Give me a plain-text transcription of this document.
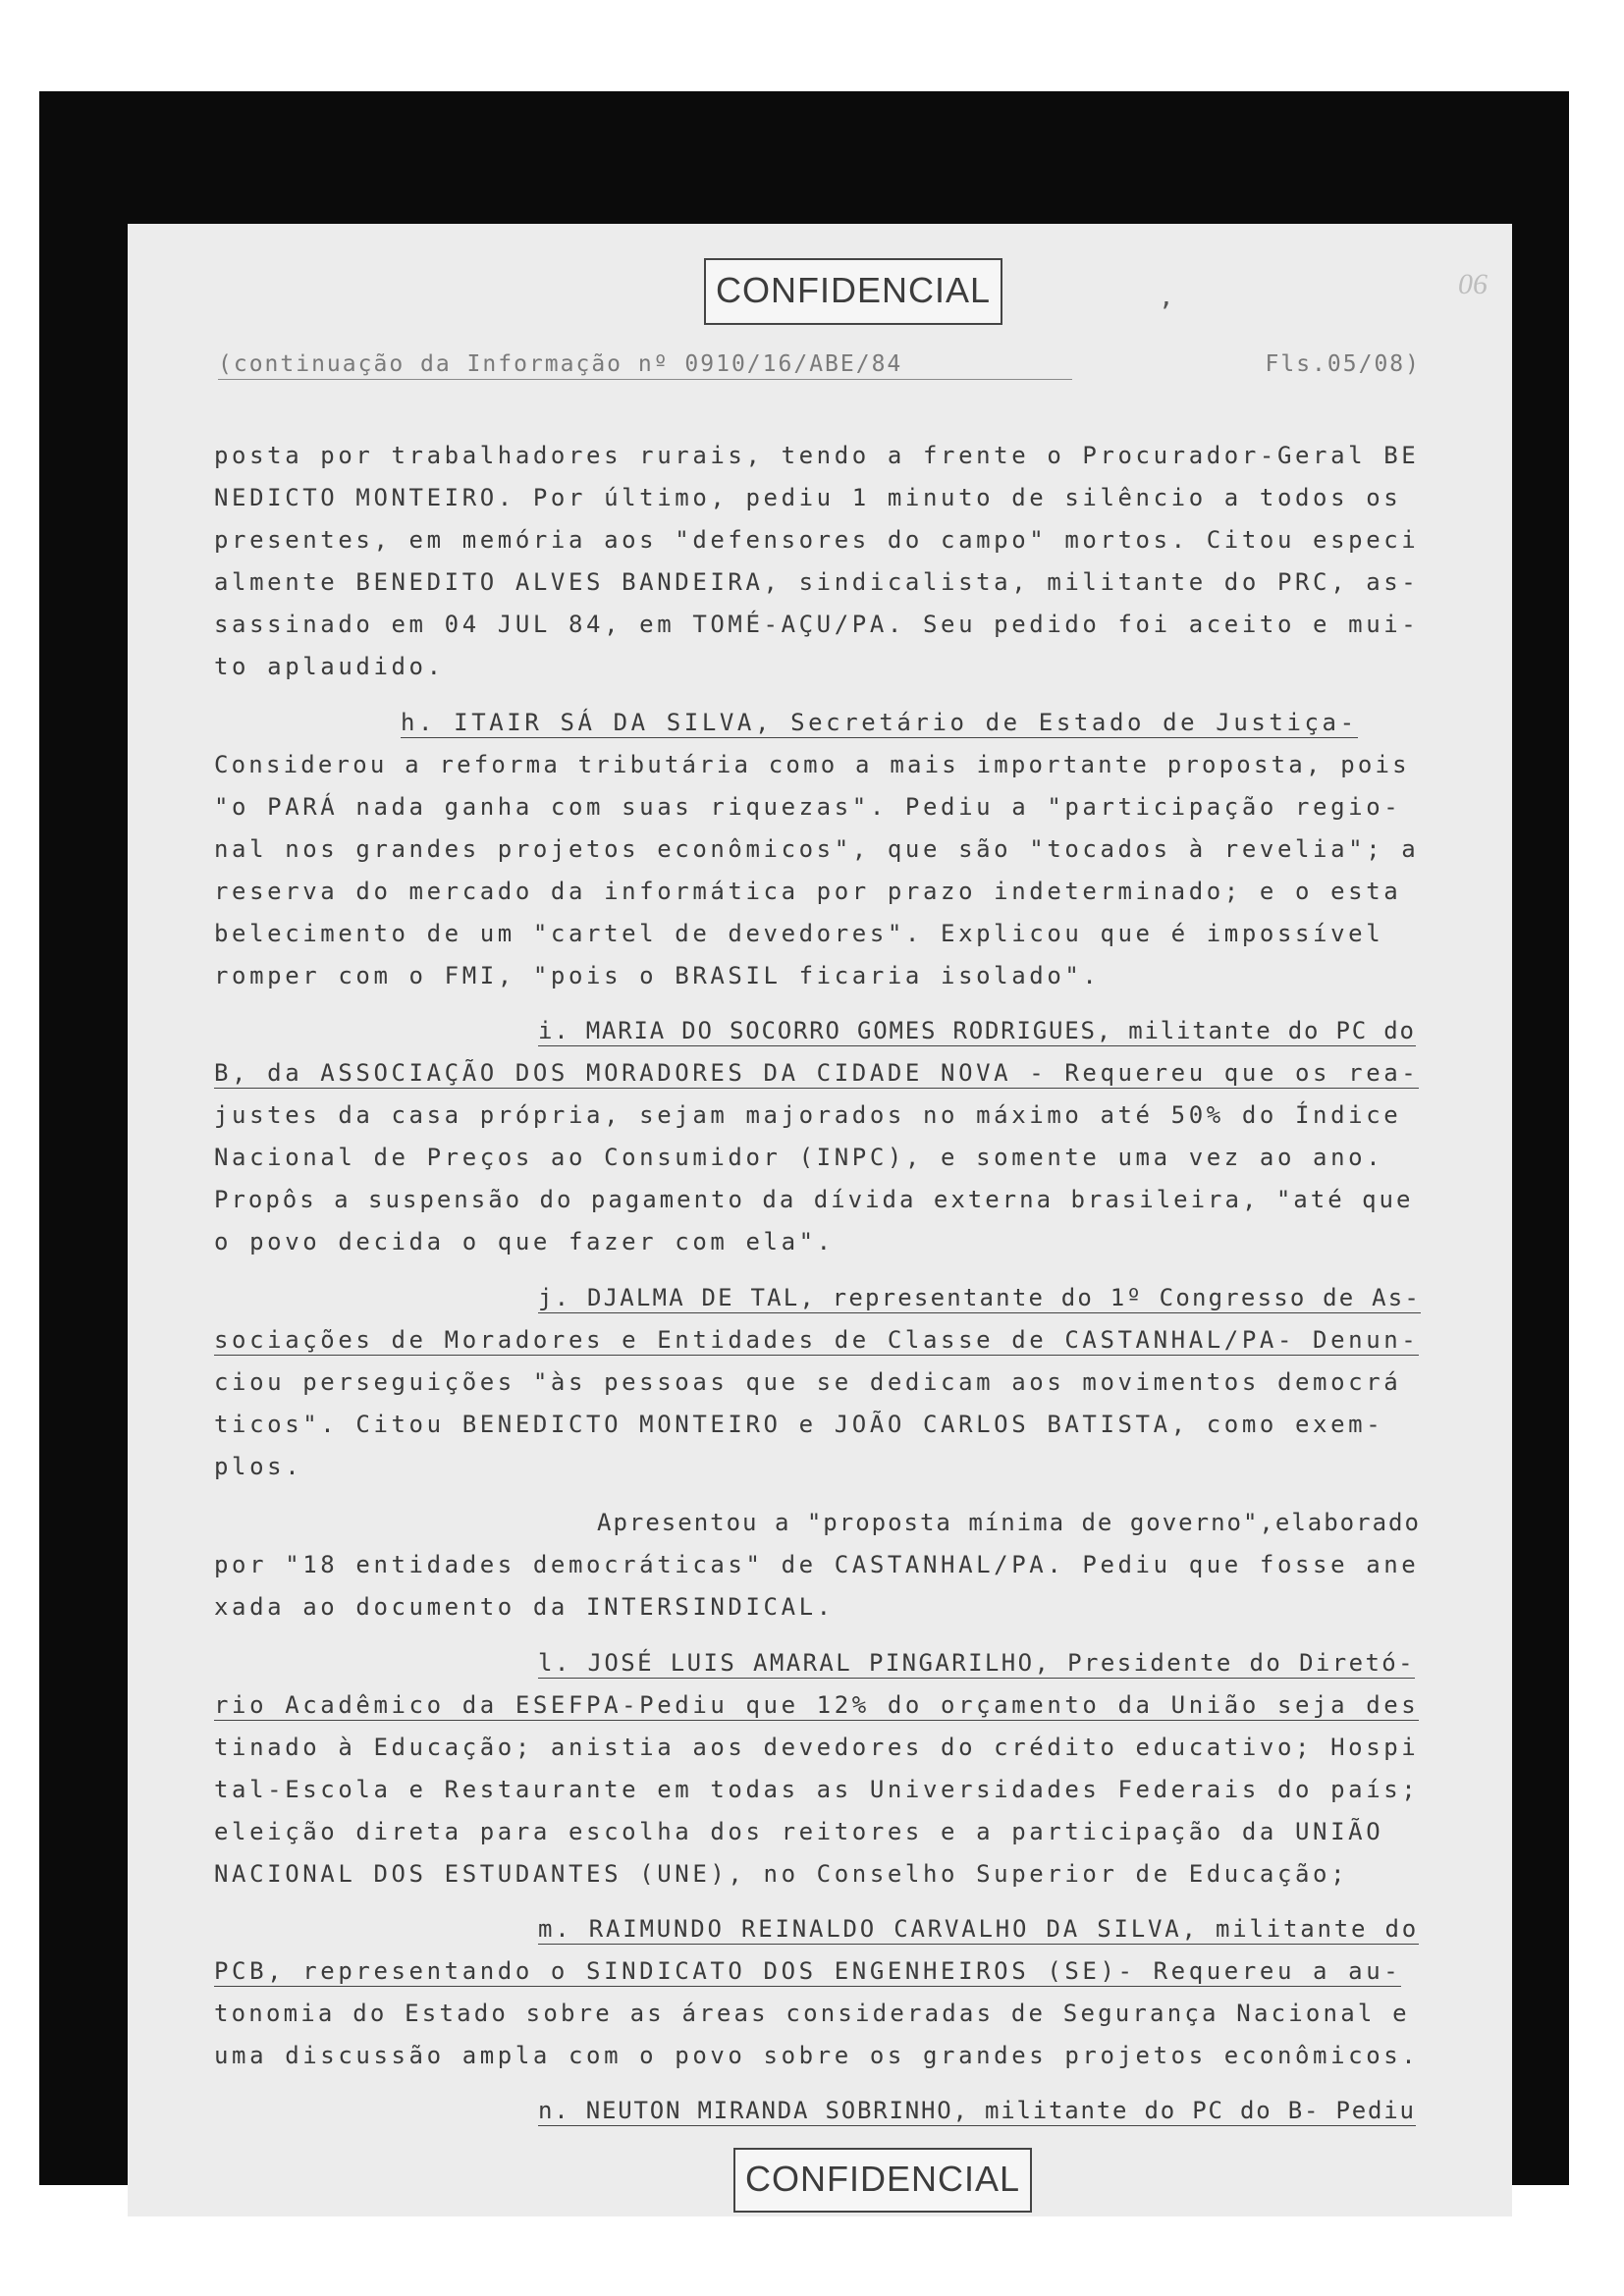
CONFIDENCIAL	,	06
(continuação da Informação nº 0910/16/ABE/84	Fls.05/08)
posta por trabalhadores rurais, tendo a frente o Procurador-Geral BE
NEDICTO MONTEIRO. Por último, pediu 1 minuto de silêncio a todos os
presentes, em memória aos "defensores do campo" mortos. Citou especi
almente BENEDITO ALVES BANDEIRA, sindicalista, militante do PRC, as-
sassinado em 04 JUL 84, em TOMÉ-AÇU/PA. Seu pedido foi aceito e mui-
to aplaudido.
h. ITAIR SÁ DA SILVA, Secretário de Estado de Justiça-
Considerou a reforma tributária como a mais importante proposta, pois
"o PARÁ nada ganha com suas riquezas". Pediu a "participação regio-
nal nos grandes projetos econômicos", que são "tocados à revelia"; a
reserva do mercado da informática por prazo indeterminado; e o esta
belecimento de um "cartel de devedores". Explicou que é impossível
romper com o FMI, "pois o BRASIL ficaria isolado".
i. MARIA DO SOCORRO GOMES RODRIGUES, militante do PC do
B, da ASSOCIAÇÃO DOS MORADORES DA CIDADE NOVA - Requereu que os rea-
justes da casa própria, sejam majorados no máximo até 50% do Índice
Nacional de Preços ao Consumidor (INPC), e somente uma vez ao ano.
Propôs a suspensão do pagamento da dívida externa brasileira, "até que
o povo decida o que fazer com ela".
j. DJALMA DE TAL, representante do 1º Congresso de As-
sociações de Moradores e Entidades de Classe de CASTANHAL/PA- Denun-
ciou perseguições "às pessoas que se dedicam aos movimentos democrá
ticos". Citou BENEDICTO MONTEIRO e JOÃO CARLOS BATISTA, como exem-
plos.
Apresentou a "proposta mínima de governo",elaborado
por "18 entidades democráticas" de CASTANHAL/PA. Pediu que fosse ane
xada ao documento da INTERSINDICAL.
l. JOSÉ LUIS AMARAL PINGARILHO, Presidente do Diretó-
rio Acadêmico da ESEFPA-Pediu que 12% do orçamento da União seja des
tinado à Educação; anistia aos devedores do crédito educativo; Hospi
tal-Escola e Restaurante em todas as Universidades Federais do país;
eleição direta para escolha dos reitores e a participação da UNIÃO
NACIONAL DOS ESTUDANTES (UNE), no Conselho Superior de Educação;
m. RAIMUNDO REINALDO CARVALHO DA SILVA, militante do
PCB, representando o SINDICATO DOS ENGENHEIROS (SE)- Requereu a au-
tonomia do Estado sobre as áreas consideradas de Segurança Nacional e
uma discussão ampla com o povo sobre os grandes projetos econômicos.
n. NEUTON MIRANDA SOBRINHO, militante do PC do B- Pediu
CONFIDENCIAL
